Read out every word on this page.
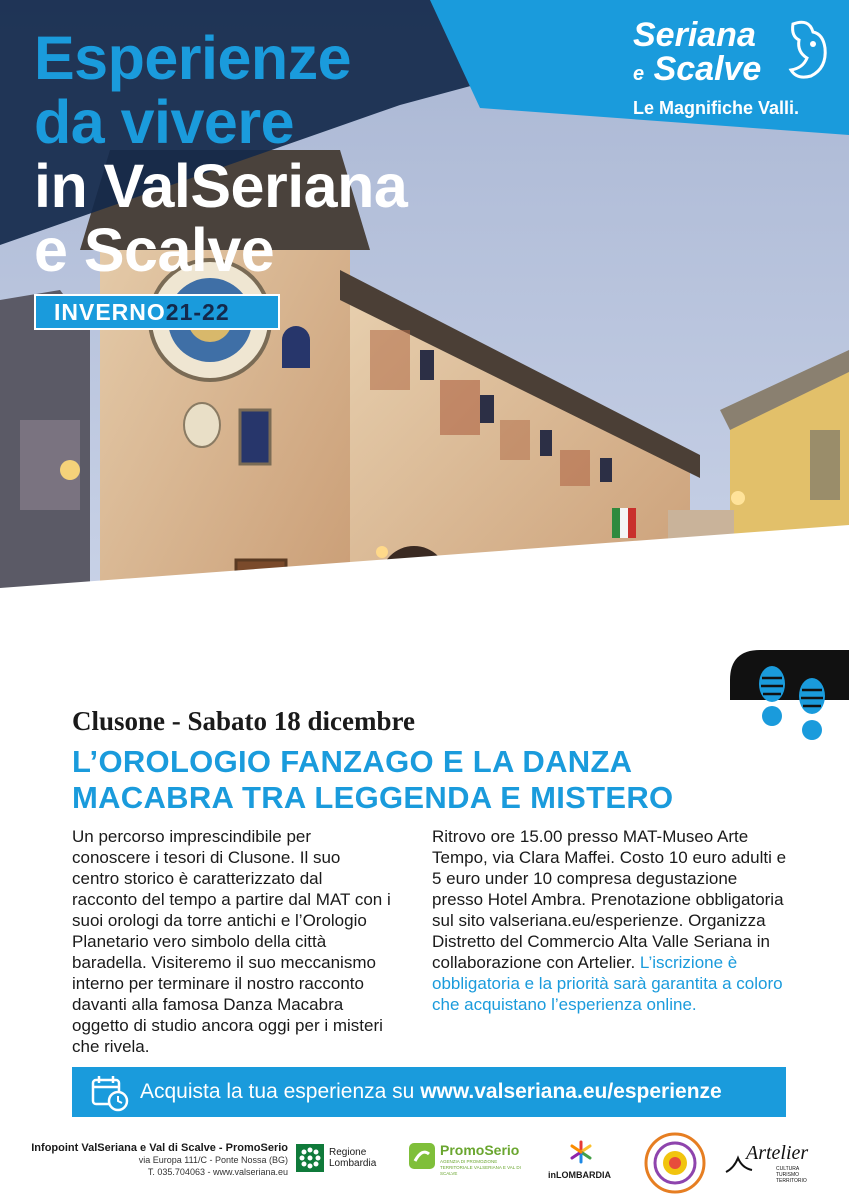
Esperienze
da vivere
in ValSeriana
e Scalve
INVERNO21-22
Seriana
e Scalve
Le Magnifiche Valli.
Clusone - Sabato 18 dicembre
L’OROLOGIO FANZAGO E LA DANZA MACABRA TRA LEGGENDA E MISTERO
Un percorso imprescindibile per conoscere i tesori di Clusone. Il suo centro storico è caratterizzato dal racconto del tempo a partire dal MAT con i suoi orologi da torre antichi e l’Orologio Planetario vero simbolo della città baradella. Visiteremo il suo meccanismo interno per terminare il nostro racconto davanti alla famosa Danza Macabra oggetto di studio ancora oggi per i misteri che rivela.
Ritrovo ore 15.00 presso MAT-Museo Arte Tempo, via Clara Maffei. Costo 10 euro adulti e 5 euro under 10 compresa degustazione presso Hotel Ambra. Prenotazione obbligatoria sul sito valseriana.eu/esperienze. Organizza Distretto del Commercio Alta Valle Seriana in collaborazione con Artelier. L’iscrizione è obbligatoria e la priorità sarà garantita a coloro che acquistano l’esperienza online.
Acquista la tua esperienza su www.valseriana.eu/esperienze
Infopoint ValSeriana e Val di Scalve - PromoSerio
via Europa 111/C - Ponte Nossa (BG)
T. 035.704063 - www.valseriana.eu
Regione
Lombardia
PromoSerio
AGENZIA DI PROMOZIONE TERRITORIALE VALSERIANA E VAL DI SCALVE	inLOMBARDIA
Artelier
CULTURA TURISMO TERRITORIO
